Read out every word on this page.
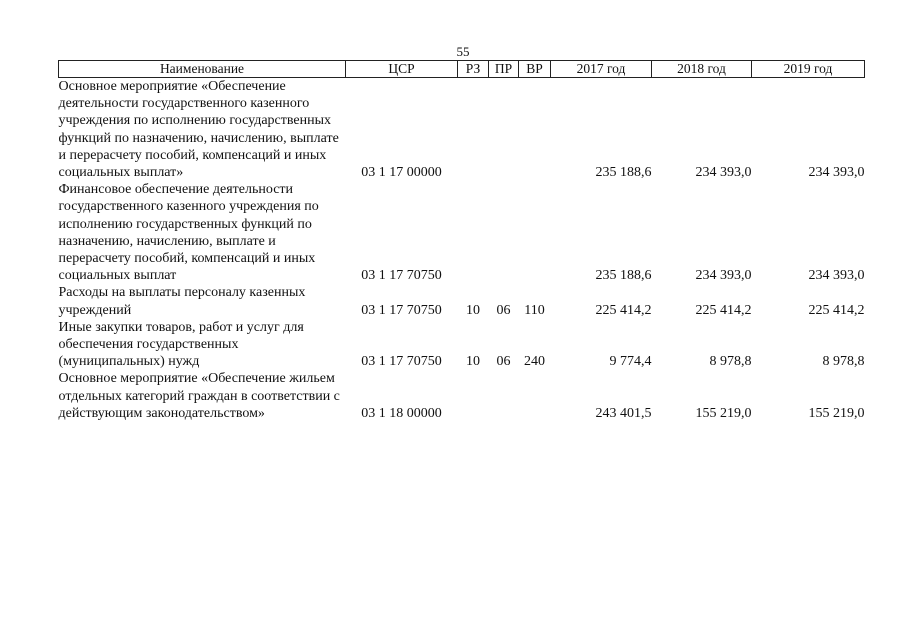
55
Наименование	ЦСР	РЗ	ПР	ВР	2017 год	2018 год	2019 год
Основное мероприятие «Обеспечение деятельности государственного казенного учреждения по исполнению государственных функций по назначению, начислению, выплате и перерасчету пособий, компенсаций и иных социальных выплат»	03 1 17 00000				235 188,6	234 393,0	234 393,0
Финансовое обеспечение деятельности государственного казенного учреждения по исполнению государственных функций по назначению, начислению, выплате и перерасчету пособий, компенсаций и иных социальных выплат	03 1 17 70750				235 188,6	234 393,0	234 393,0
Расходы на выплаты персоналу казенных учреждений	03 1 17 70750	10	06	110	225 414,2	225 414,2	225 414,2
Иные закупки товаров, работ и услуг для обеспечения государственных (муниципальных) нужд	03 1 17 70750	10	06	240	9 774,4	8 978,8	8 978,8
Основное мероприятие «Обеспечение жильем отдельных категорий граждан в соответствии с действующим законодательством»	03 1 18 00000				243 401,5	155 219,0	155 219,0
